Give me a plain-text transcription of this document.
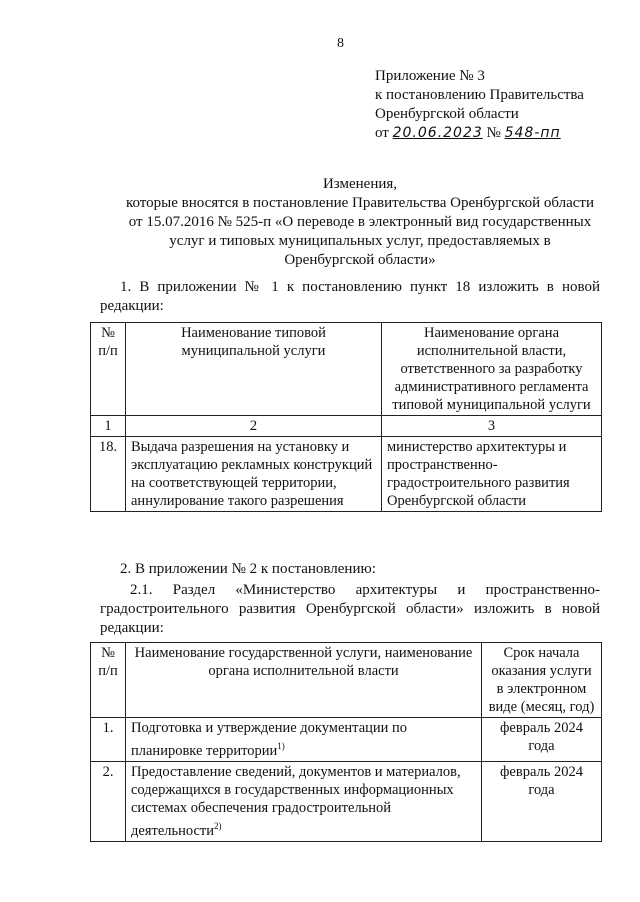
8
Приложение № 3
к постановлению Правительства
Оренбургской области
от 20.06.2023 № 548-пп
Изменения,
которые вносятся в постановление Правительства Оренбургской области
от 15.07.2016 № 525-п «О переводе в электронный вид государственных
услуг и типовых муниципальных услуг, предоставляемых в
Оренбургской области»
1. В приложении № 1 к постановлению пункт 18 изложить в новой редакции:
№ п/п	Наименование типовой муниципальной услуги	Наименование органа исполнительной власти, ответственного за разработку административного регламента типовой муниципальной услуги
1	2	3
18.	Выдача разрешения на установку и эксплуатацию рекламных конструкций на соответствующей территории, аннулирование такого разрешения	министерство архитектуры и пространственно-градостроительного развития Оренбургской области
2. В приложении № 2 к постановлению:
2.1. Раздел «Министерство архитектуры и пространственно-градостроительного развития Оренбургской области» изложить в новой редакции:
№ п/п	Наименование государственной услуги, наименование органа исполнительной власти	Срок начала оказания услуги в электронном виде (месяц, год)
1.	Подготовка и утверждение документации по планировке территории$^{1)}$	февраль 2024 года
2.	Предоставление сведений, документов и материалов, содержащихся в государственных информационных системах обеспечения градостроительной деятельности$^{2)}$	февраль 2024 года
